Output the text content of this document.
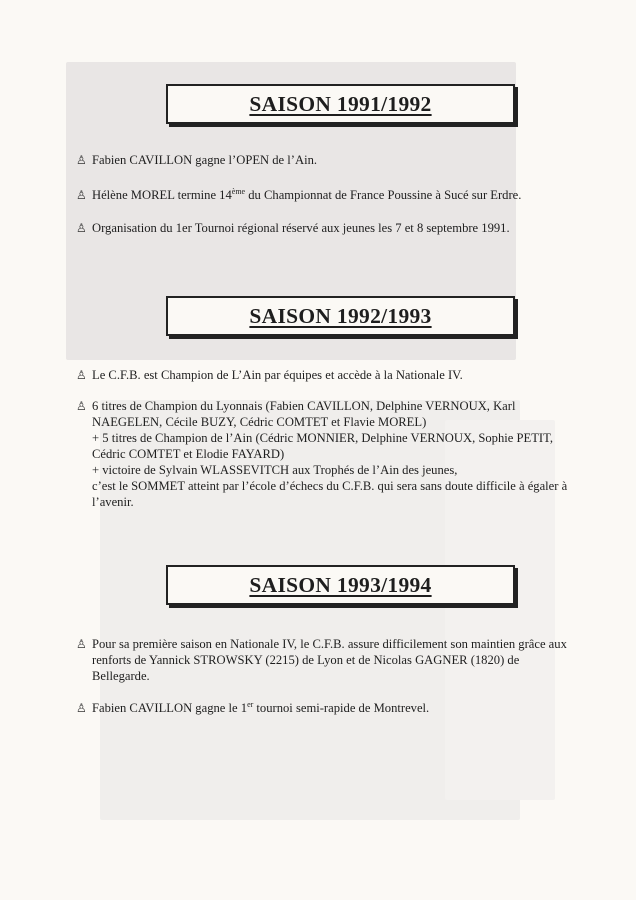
SAISON 1991/1992
♙ Fabien CAVILLON gagne l’OPEN de l’Ain.

♙ Hélène MOREL termine 14ème du Championnat de France Poussine à Sucé sur Erdre.

♙ Organisation du 1er Tournoi régional réservé aux jeunes les 7 et 8 septembre 1991.

SAISON 1992/1993
♙ Le C.F.B. est Champion de L’Ain par équipes et accède à la Nationale IV.

♙ 6 titres de Champion du Lyonnais (Fabien CAVILLON, Delphine VERNOUX, Karl

NAEGELEN, Cécile BUZY, Cédric COMTET et Flavie MOREL)

+ 5 titres de Champion de l’Ain (Cédric MONNIER, Delphine VERNOUX, Sophie PETIT,

Cédric COMTET et Elodie FAYARD)

+ victoire de Sylvain WLASSEVITCH aux Trophés de l’Ain des jeunes,

c’est le SOMMET atteint par l’école d’échecs du C.F.B. qui sera sans doute difficile à égaler à

l’avenir.

SAISON 1993/1994
♙ Pour sa première saison en Nationale IV, le C.F.B. assure difficilement son maintien grâce aux

renforts de Yannick STROWSKY (2215) de Lyon et de Nicolas GAGNER (1820) de

Bellegarde.

♙ Fabien CAVILLON gagne le 1er tournoi semi-rapide de Montrevel.
